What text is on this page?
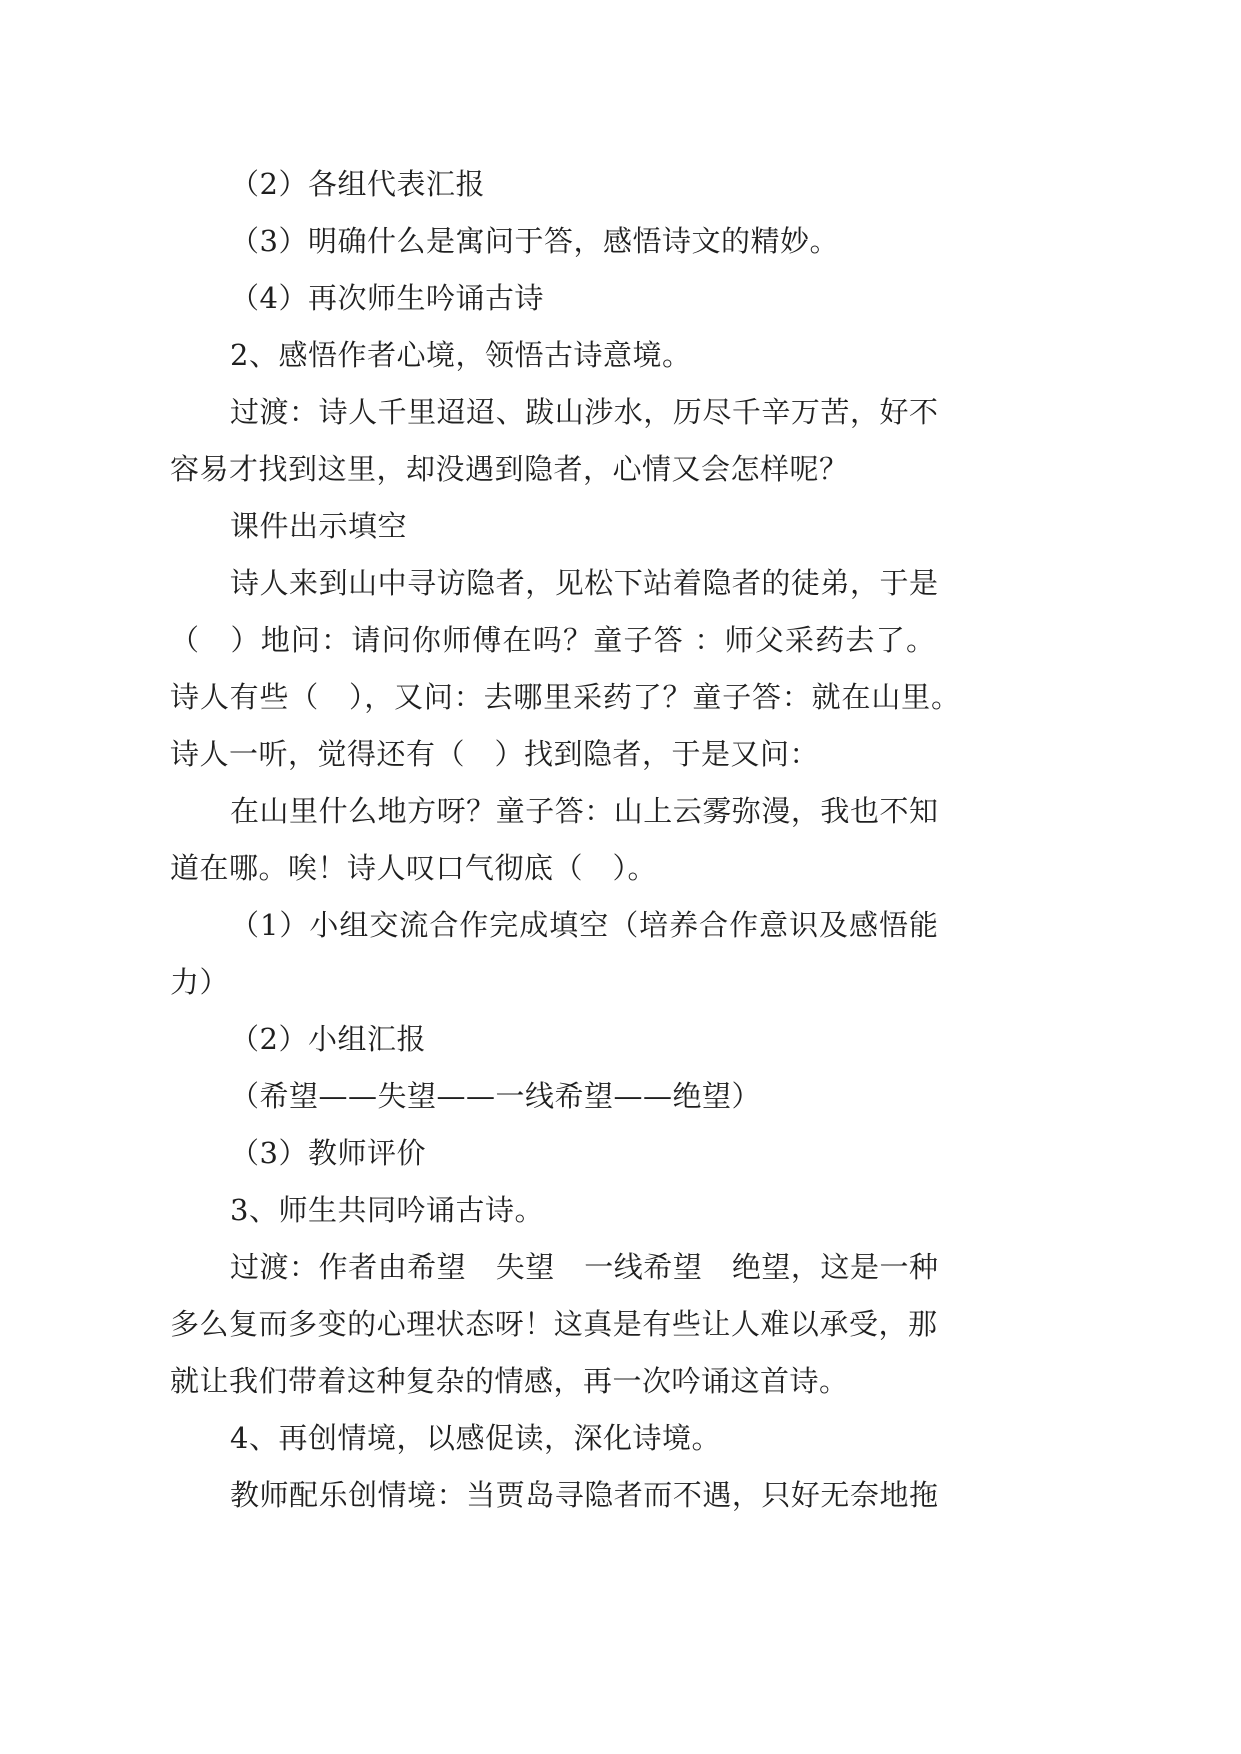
（2）各组代表汇报
（3）明确什么是寓问于答，感悟诗文的精妙。
（4）再次师生吟诵古诗
2、感悟作者心境，领悟古诗意境。
过渡：诗人千里迢迢、跋山涉水，历尽千辛万苦，好不
容易才找到这里，却没遇到隐者，心情又会怎样呢？
课件出示填空
诗人来到山中寻访隐者，见松下站着隐者的徒弟，于是
（　）地问：请问你师傅在吗？童子答 ：师父采药去了。
诗人有些（　），又问：去哪里采药了？童子答：就在山里。
诗人一听，觉得还有（　）找到隐者，于是又问：
在山里什么地方呀？童子答：山上云雾弥漫，我也不知
道在哪。唉！诗人叹口气彻底（　）。
（1）小组交流合作完成填空（培养合作意识及感悟能
力）
（2）小组汇报
（希望——失望——一线希望——绝望）
（3）教师评价
3、师生共同吟诵古诗。
过渡：作者由希望　失望　一线希望　绝望，这是一种
多么复而多变的心理状态呀！这真是有些让人难以承受，那
就让我们带着这种复杂的情感，再一次吟诵这首诗。
4、再创情境，以感促读，深化诗境。
教师配乐创情境：当贾岛寻隐者而不遇，只好无奈地拖
